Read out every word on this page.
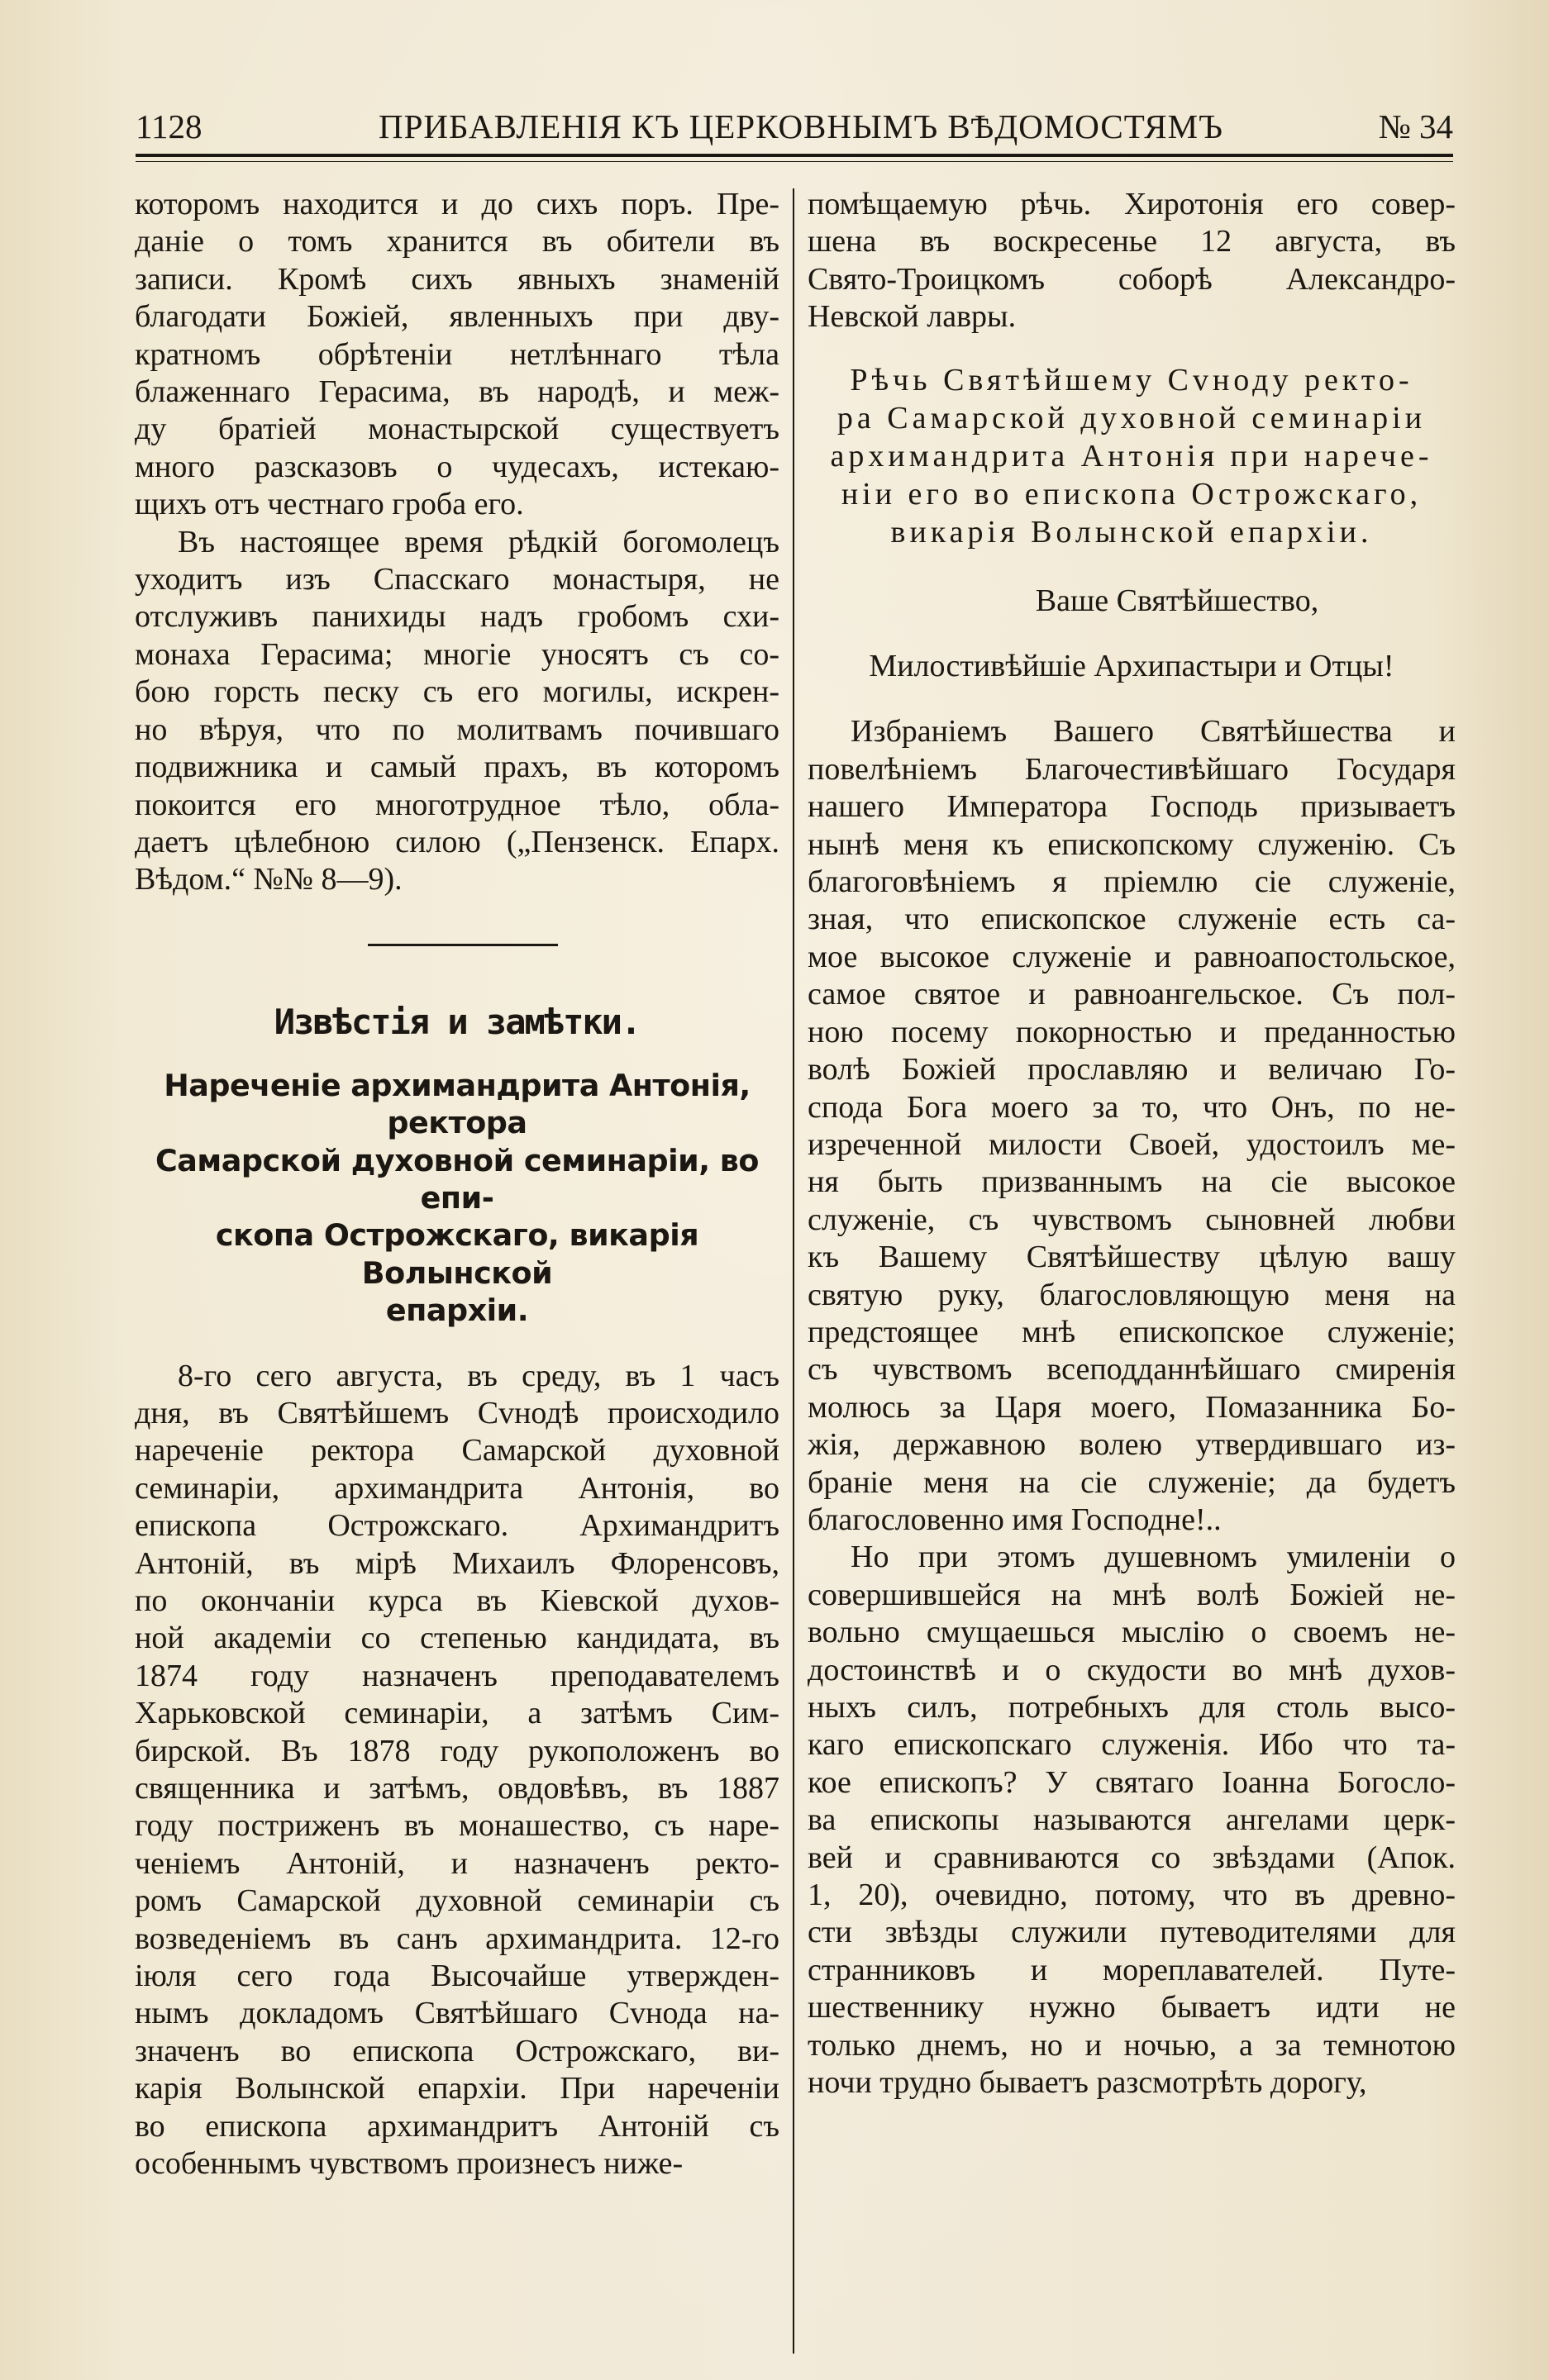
1128	ПРИБАВЛЕНІЯ КЪ ЦЕРКОВНЫМЪ ВѢДОМОСТЯМЪ	№ 34

которомъ находится и до сихъ поръ. Пре-
даніе о томъ хранится въ обители въ
записи. Кромѣ сихъ явныхъ знаменій
благодати Божіей, явленныхъ при дву-
кратномъ обрѣтеніи нетлѣннаго тѣла
блаженнаго Герасима, въ народѣ, и меж-
ду братіей монастырской существуетъ
много разсказовъ о чудесахъ, истекаю-
щихъ отъ честнаго гроба его.

Въ настоящее время рѣдкій богомолецъ
уходитъ изъ Спасскаго монастыря, не
отслуживъ панихиды надъ гробомъ схи-
монаха Герасима; многіе уносятъ съ со-
бою горсть песку съ его могилы, искрен-
но вѣруя, что по молитвамъ почившаго
подвижника и самый прахъ, въ которомъ
покоится его многотрудное тѣло, обла-
даетъ цѣлебною силою („Пензенск. Епарх.
Вѣдом.“ №№ 8—9).

Извѣстія и замѣтки.
Нареченіе архимандрита Антонія, ректора
Самарской духовной семинаріи, во епи-
скопа Острожскаго, викарія Волынской
епархіи.

8-го сего августа, въ среду, въ 1 часъ
дня, въ Святѣйшемъ Сvнодѣ происходило
нареченіе ректора Самарской духовной
семинаріи, архимандрита Антонія, во
епископа Острожскаго. Архимандритъ
Антоній, въ мірѣ Михаилъ Флоренсовъ,
по окончаніи курса въ Кіевской духов-
ной академіи со степенью кандидата, въ
1874 году назначенъ преподавателемъ
Харьковской семинаріи, а затѣмъ Сим-
бирской. Въ 1878 году рукоположенъ во
священника и затѣмъ, овдовѣвъ, въ 1887
году постриженъ въ монашество, съ наре-
ченіемъ Антоній, и назначенъ ректо-
ромъ Самарской духовной семинаріи съ
возведеніемъ въ санъ архимандрита. 12-го
іюля сего года Высочайше утвержден-
нымъ докладомъ Святѣйшаго Сvнода на-
значенъ во епископа Острожскаго, ви-
карія Волынской епархіи. При нареченіи
во епископа архимандритъ Антоній съ
особеннымъ чувствомъ произнесъ ниже-

помѣщаемую рѣчь. Хиротонія его совер-
шена въ воскресенье 12 августа, въ
Свято-Троицкомъ соборѣ Александро-
Невской лавры.

Рѣчь Святѣйшему Сvноду ректо-
ра Самарской духовной семинаріи
архимандрита Антонія при нарече-
ніи его во епископа Острожскаго,
викарія Волынской епархіи.
Ваше Святѣйшество,
Милостивѣйшіе Архипастыри и Отцы!

Избраніемъ Вашего Святѣйшества и
повелѣніемъ Благочестивѣйшаго Государя
нашего Императора Господь призываетъ
нынѣ меня къ епископскому служенію. Съ
благоговѣніемъ я пріемлю сіе служеніе,
зная, что епископское служеніе есть са-
мое высокое служеніе и равноапостольское,
самое святое и равноангельское. Съ пол-
ною посему покорностью и преданностью
волѣ Божіей прославляю и величаю Го-
спода Бога моего за то, что Онъ, по не-
изреченной милости Своей, удостоилъ ме-
ня быть призваннымъ на сіе высокое
служеніе, съ чувствомъ сыновней любви
къ Вашему Святѣйшеству цѣлую вашу
святую руку, благословляющую меня на
предстоящее мнѣ епископское служеніе;
съ чувствомъ всеподданнѣйшаго смиренія
молюсь за Царя моего, Помазанника Бо-
жія, державною волею утвердившаго из-
браніе меня на сіе служеніе; да будетъ
благословенно имя Господне!..

Но при этомъ душевномъ умиленіи о
совершившейся на мнѣ волѣ Божіей не-
вольно смущаешься мыслію о своемъ не-
достоинствѣ и о скудости во мнѣ духов-
ныхъ силъ, потребныхъ для столь высо-
каго епископскаго служенія. Ибо что та-
кое епископъ? У святаго Іоанна Богосло-
ва епископы называются ангелами церк-
вей и сравниваются со звѣздами (Апок.
1, 20), очевидно, потому, что въ древно-
сти звѣзды служили путеводителями для
странниковъ и мореплавателей. Путе-
шественнику нужно бываетъ идти не
только днемъ, но и ночью, а за темнотою
ночи трудно бываетъ разсмотрѣть дорогу,
